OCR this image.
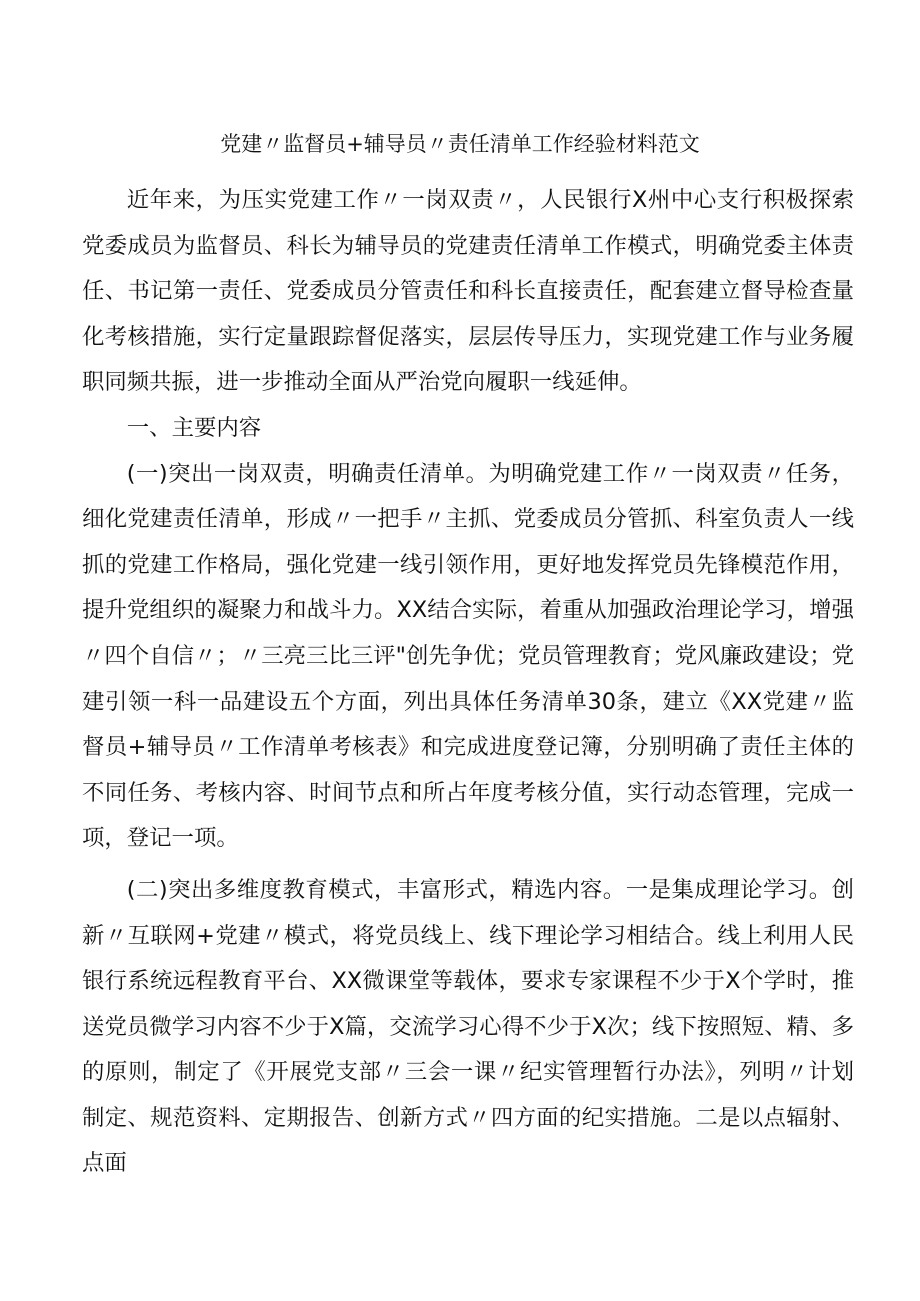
党建〃监督员+辅导员〃责任清单工作经验材料范文

近年来，为压实党建工作〃一岗双责〃，人民银行X州中心支行积极探索党委成员为监督员、科长为辅导员的党建责任清单工作模式，明确党委主体责任、书记第一责任、党委成员分管责任和科长直接责任，配套建立督导检查量化考核措施，实行定量跟踪督促落实，层层传导压力，实现党建工作与业务履职同频共振，进一步推动全面从严治党向履职一线延伸。

一、主要内容

(一)突出一岗双责，明确责任清单。为明确党建工作〃一岗双责〃任务，细化党建责任清单，形成〃一把手〃主抓、党委成员分管抓、科室负责人一线抓的党建工作格局，强化党建一线引领作用，更好地发挥党员先锋模范作用，提升党组织的凝聚力和战斗力。XX结合实际，着重从加强政治理论学习，增强〃四个自信〃；〃三亮三比三评"创先争优；党员管理教育；党风廉政建设；党建引领一科一品建设五个方面，列出具体任务清单30条，建立《XX党建〃监督员+辅导员〃工作清单考核表》和完成进度登记簿，分别明确了责任主体的不同任务、考核内容、时间节点和所占年度考核分值，实行动态管理，完成一项，登记一项。

(二)突出多维度教育模式，丰富形式，精选内容。一是集成理论学习。创新〃互联网+党建〃模式，将党员线上、线下理论学习相结合。线上利用人民银行系统远程教育平台、XX微课堂等载体，要求专家课程不少于X个学时，推送党员微学习内容不少于X篇，交流学习心得不少于X次；线下按照短、精、多的原则，制定了《开展党支部〃三会一课〃纪实管理暂行办法》，列明〃计划制定、规范资料、定期报告、创新方式〃四方面的纪实措施。二是以点辐射、点面
